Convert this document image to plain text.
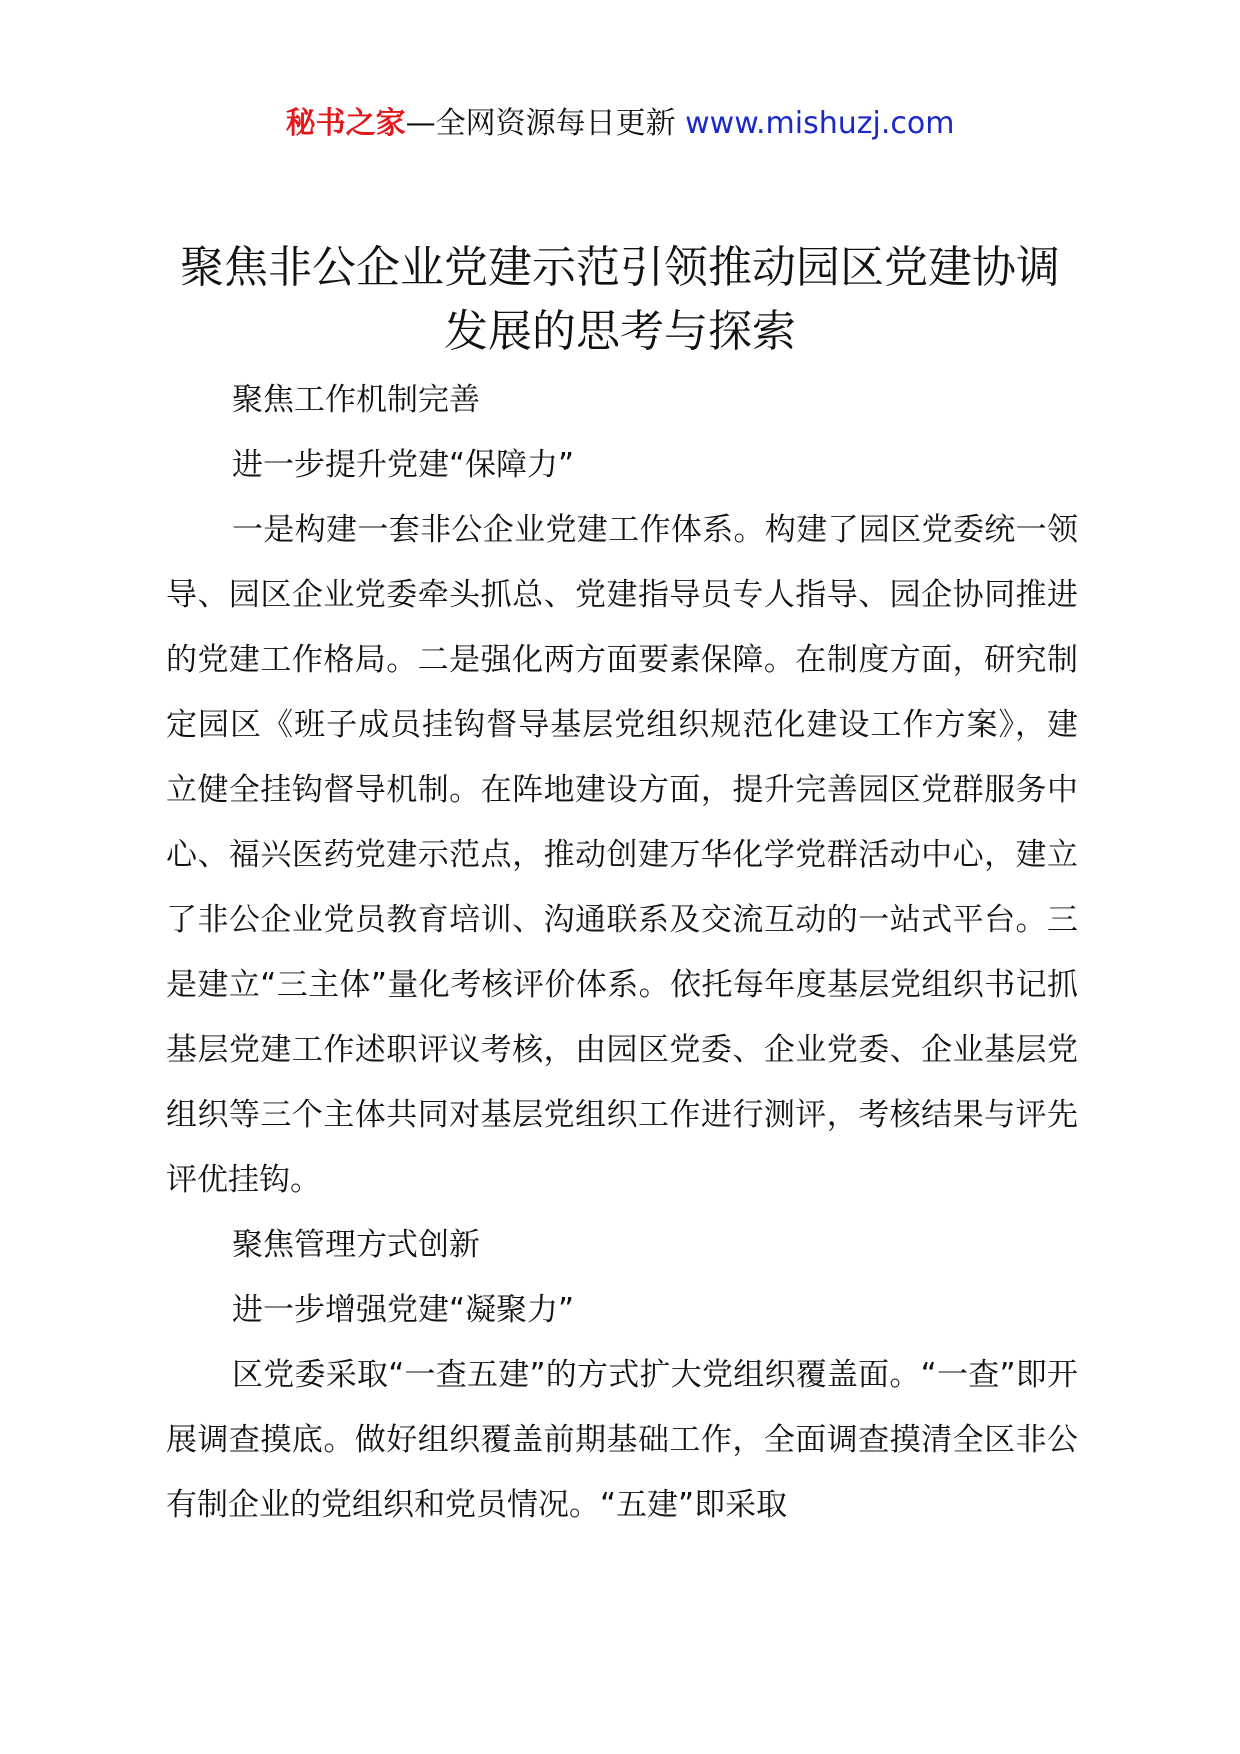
秘书之家—全网资源每日更新 www.mishuzj.com
聚焦非公企业党建示范引领推动园区党建协调发展的思考与探索

聚焦工作机制完善

进一步提升党建“保障力”

一是构建一套非公企业党建工作体系。构建了园区党委统一领导、园区企业党委牵头抓总、党建指导员专人指导、园企协同推进的党建工作格局。二是强化两方面要素保障。在制度方面，研究制定园区《班子成员挂钩督导基层党组织规范化建设工作方案》，建立健全挂钩督导机制。在阵地建设方面，提升完善园区党群服务中心、福兴医药党建示范点，推动创建万华化学党群活动中心，建立了非公企业党员教育培训、沟通联系及交流互动的一站式平台。三是建立“三主体”量化考核评价体系。依托每年度基层党组织书记抓基层党建工作述职评议考核，由园区党委、企业党委、企业基层党组织等三个主体共同对基层党组织工作进行测评，考核结果与评先评优挂钩。

聚焦管理方式创新

进一步增强党建“凝聚力”

区党委采取“一查五建”的方式扩大党组织覆盖面。“一查”即开展调查摸底。做好组织覆盖前期基础工作，全面调查摸清全区非公有制企业的党组织和党员情况。“五建”即采取
